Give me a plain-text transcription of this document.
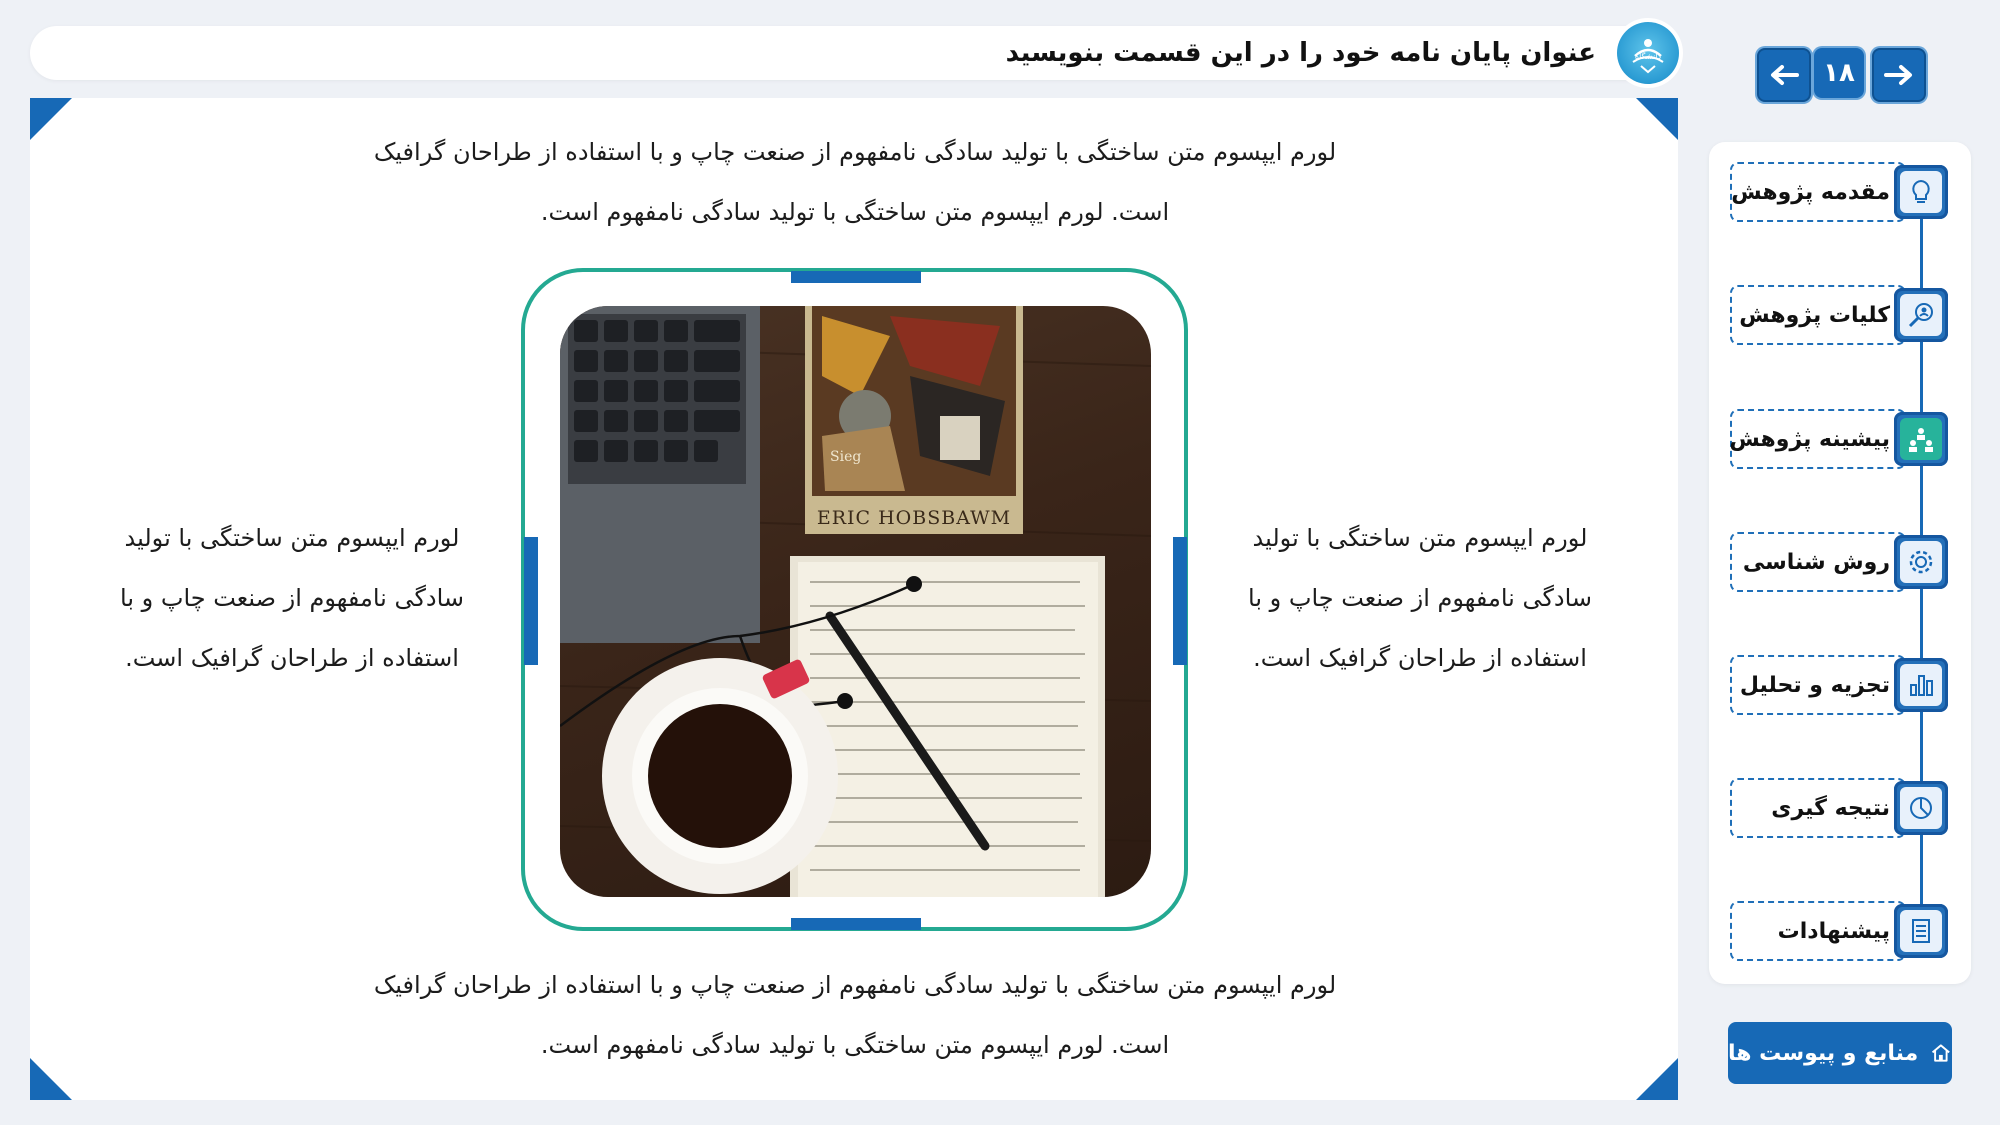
عنوان پایان نامه خود را در این قسمت بنویسید	دانشگاه
لورم ایپسوم متن ساختگی با تولید سادگی نامفهوم از صنعت چاپ و با استفاده از طراحان گرافیک
است. لورم ایپسوم متن ساختگی با تولید سادگی نامفهوم است.
لورم ایپسوم متن ساختگی با تولید سادگی نامفهوم از صنعت چاپ و با استفاده از طراحان گرافیک
است. لورم ایپسوم متن ساختگی با تولید سادگی نامفهوم است.
لورم ایپسوم متن ساختگی با تولید
سادگی نامفهوم از صنعت چاپ و با
استفاده از طراحان گرافیک است.
لورم ایپسوم متن ساختگی با تولید
سادگی نامفهوم از صنعت چاپ و با
استفاده از طراحان گرافیک است.
Sieg
ERIC HOBSBAWM
۱۸
مقدمه پژوهش
کلیات پژوهش
پیشینه پژوهش
روش شناسی
تجزیه و تحلیل
نتیجه گیری
پیشنهادات
منابع و پیوست ها
